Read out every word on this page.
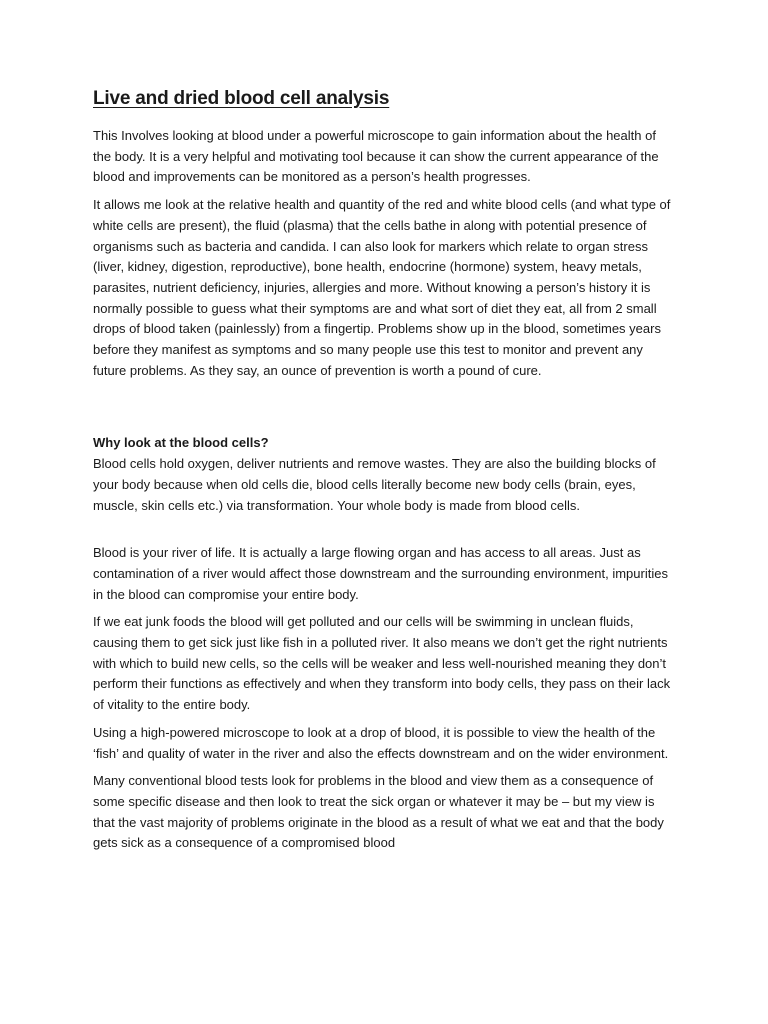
Live and dried blood cell analysis

This Involves looking at blood under a powerful microscope to gain information about the health of the body. It is a very helpful and motivating tool because it can show the current appearance of the blood and improvements can be monitored as a person’s health progresses.

It allows me look at the relative health and quantity of the red and white blood cells (and what type of white cells are present), the fluid (plasma) that the cells bathe in along with potential presence of organisms such as bacteria and candida. I can also look for markers which relate to organ stress (liver, kidney, digestion, reproductive), bone health, endocrine (hormone) system, heavy metals, parasites, nutrient deficiency, injuries, allergies and more. Without knowing a person’s history it is normally possible to guess what their symptoms are and what sort of diet they eat, all from 2 small drops of blood taken (painlessly) from a fingertip. Problems show up in the blood, sometimes years before they manifest as symptoms and so many people use this test to monitor and prevent any future problems. As they say, an ounce of prevention is worth a pound of cure.

Why look at the blood cells?

Blood cells hold oxygen, deliver nutrients and remove wastes. They are also the building blocks of your body because when old cells die, blood cells literally become new body cells (brain, eyes, muscle, skin cells etc.) via transformation. Your whole body is made from blood cells.

Blood is your river of life. It is actually a large flowing organ and has access to all areas. Just as contamination of a river would affect those downstream and the surrounding environment, impurities in the blood can compromise your entire body.

If we eat junk foods the blood will get polluted and our cells will be swimming in unclean fluids, causing them to get sick just like fish in a polluted river. It also means we don’t get the right nutrients with which to build new cells, so the cells will be weaker and less well-nourished meaning they don’t perform their functions as effectively and when they transform into body cells, they pass on their lack of vitality to the entire body.

Using a high-powered microscope to look at a drop of blood, it is possible to view the health of the ‘fish’ and quality of water in the river and also the effects downstream and on the wider environment.

Many conventional blood tests look for problems in the blood and view them as a consequence of some specific disease and then look to treat the sick organ or whatever it may be – but my view is that the vast majority of problems originate in the blood as a result of what we eat and that the body gets sick as a consequence of a compromised blood
